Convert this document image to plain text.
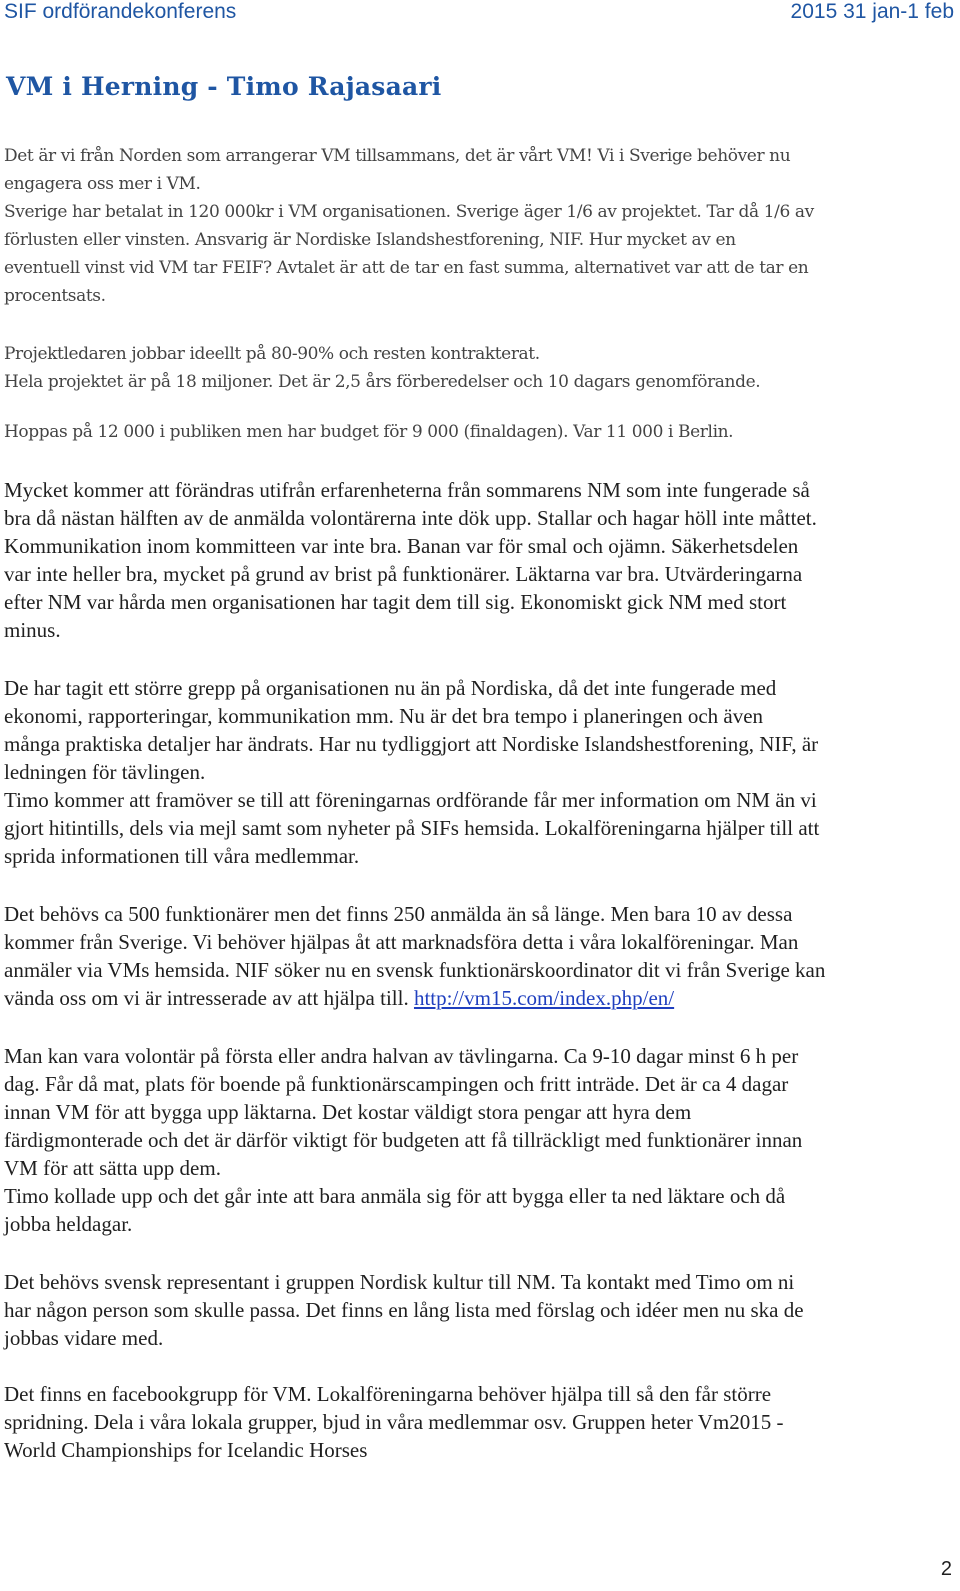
SIF ordförandekonferens	2015 31 jan-1 feb
VM i Herning - Timo Rajasaari
Det är vi från Norden som arrangerar VM tillsammans, det är vårt VM! Vi i Sverige behöver nu
engagera oss mer i VM.
Sverige har betalat in 120 000kr i VM organisationen. Sverige äger 1/6 av projektet. Tar då 1/6 av
förlusten eller vinsten. Ansvarig är Nordiske Islandshestforening, NIF. Hur mycket av en
eventuell vinst vid VM tar FEIF? Avtalet är att de tar en fast summa, alternativet var att de tar en
procentsats.
Projektledaren jobbar ideellt på 80-90% och resten kontrakterat.
Hela projektet är på 18 miljoner. Det är 2,5 års förberedelser och 10 dagars genomförande.
Hoppas på 12 000 i publiken men har budget för 9 000 (finaldagen). Var 11 000 i Berlin.
Mycket kommer att förändras utifrån erfarenheterna från sommarens NM som inte fungerade så
bra då nästan hälften av de anmälda volontärerna inte dök upp. Stallar och hagar höll inte måttet.
Kommunikation inom kommitteen var inte bra. Banan var för smal och ojämn. Säkerhetsdelen
var inte heller bra, mycket på grund av brist på funktionärer. Läktarna var bra. Utvärderingarna
efter NM var hårda men organisationen har tagit dem till sig. Ekonomiskt gick NM med stort
minus.
De har tagit ett större grepp på organisationen nu än på Nordiska, då det inte fungerade med
ekonomi, rapporteringar, kommunikation mm. Nu är det bra tempo i planeringen och även
många praktiska detaljer har ändrats. Har nu tydliggjort att Nordiske Islandshestforening, NIF, är
ledningen för tävlingen.
Timo kommer att framöver se till att föreningarnas ordförande får mer information om NM än vi
gjort hitintills, dels via mejl samt som nyheter på SIFs hemsida. Lokalföreningarna hjälper till att
sprida informationen till våra medlemmar.
Det behövs ca 500 funktionärer men det finns 250 anmälda än så länge. Men bara 10 av dessa
kommer från Sverige. Vi behöver hjälpas åt att marknadsföra detta i våra lokalföreningar. Man
anmäler via VMs hemsida. NIF söker nu en svensk funktionärskoordinator dit vi från Sverige kan
vända oss om vi är intresserade av att hjälpa till. http://vm15.com/index.php/en/
Man kan vara volontär på första eller andra halvan av tävlingarna. Ca 9-10 dagar minst 6 h per
dag. Får då mat, plats för boende på funktionärscampingen och fritt inträde. Det är ca 4 dagar
innan VM för att bygga upp läktarna. Det kostar väldigt stora pengar att hyra dem
färdigmonterade och det är därför viktigt för budgeten att få tillräckligt med funktionärer innan
VM för att sätta upp dem.
Timo kollade upp och det går inte att bara anmäla sig för att bygga eller ta ned läktare och då
jobba heldagar.
Det behövs svensk representant i gruppen Nordisk kultur till NM. Ta kontakt med Timo om ni
har någon person som skulle passa. Det finns en lång lista med förslag och idéer men nu ska de
jobbas vidare med.
Det finns en facebookgrupp för VM. Lokalföreningarna behöver hjälpa till så den får större
spridning. Dela i våra lokala grupper, bjud in våra medlemmar osv. Gruppen heter Vm2015 -
World Championships for Icelandic Horses
2
